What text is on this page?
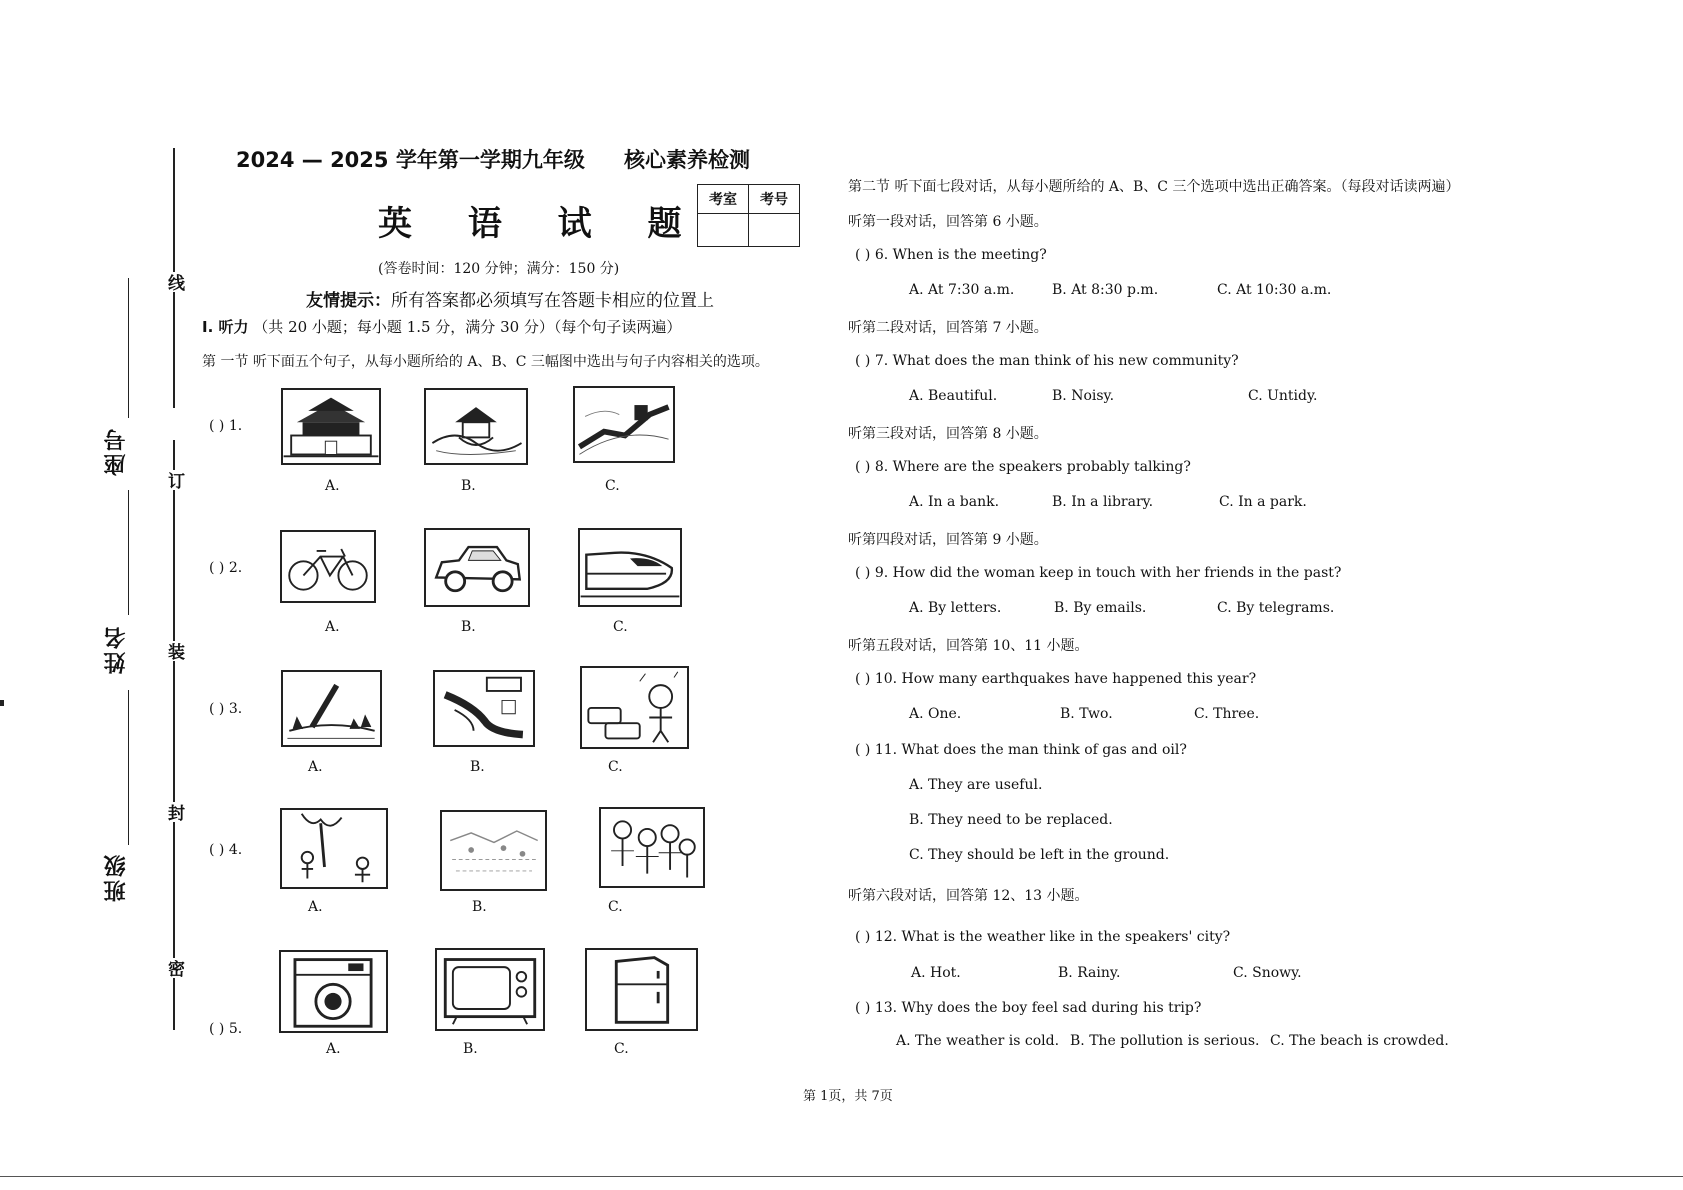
线
订
装
封
密
座号
姓名
班级
2024 — 2025 学年第一学期九年级 核心素养检测
英 语 试 题
考室	考号

(答卷时间：120 分钟；满分：150 分)
友情提示：所有答案都必须填写在答题卡相应的位置上
I. 听力 （共 20 小题；每小题 1.5 分，满分 30 分）（每个句子读两遍）
第 一节 听下面五个句子，从每小题所给的 A、B、C 三幅图中选出与句子内容相关的选项。
( ) 1.
A.	B.	C.
( ) 2.
A.	B.	C.
( ) 3.
A.	B.	C.
( ) 4.
A.	B.	C.
( ) 5.
A.	B.	C.
第二节 听下面七段对话，从每小题所给的 A、B、C 三个选项中选出正确答案。（每段对话读两遍）
听第一段对话，回答第 6 小题。
( ) 6. When is the meeting?
A. At 7:30 a.m.	B. At 8:30 p.m.	C. At 10:30 a.m.
听第二段对话，回答第 7 小题。
( ) 7. What does the man think of his new community?
A. Beautiful.	B. Noisy.	C. Untidy.
听第三段对话，回答第 8 小题。
( ) 8. Where are the speakers probably talking?
A. In a bank.	B. In a library.	C. In a park.
听第四段对话，回答第 9 小题。
( ) 9. How did the woman keep in touch with her friends in the past?
A. By letters.	B. By emails.	C. By telegrams.
听第五段对话，回答第 10、11 小题。
( ) 10. How many earthquakes have happened this year?
A. One.	B. Two.	C. Three.
( ) 11. What does the man think of gas and oil?
A. They are useful.
B. They need to be replaced.
C. They should be left in the ground.
听第六段对话，回答第 12、13 小题。
( ) 12. What is the weather like in the speakers' city?
A. Hot.	B. Rainy.	C. Snowy.
( ) 13. Why does the boy feel sad during his trip?
A. The weather is cold. B. The pollution is serious. C. The beach is crowded.
第 1页，共 7页
